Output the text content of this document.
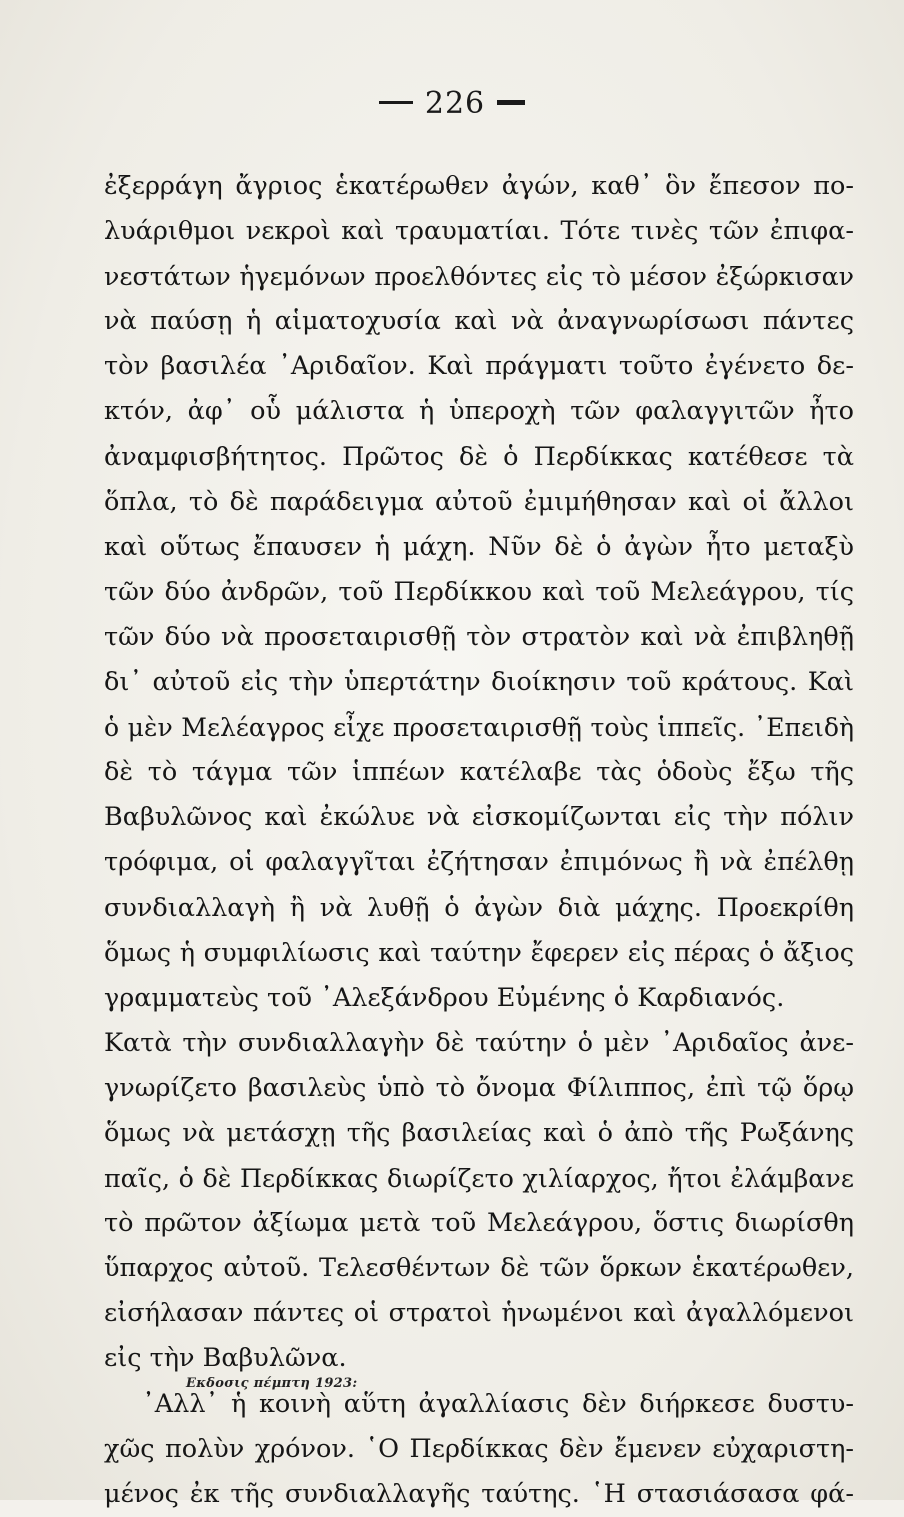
226
ἐξερράγη ἄγριος ἑκατέρωθεν ἀγών, καθ᾽ ὃν ἔπεσον πο-
λυάριθμοι νεκροὶ καὶ τραυματίαι. Τότε τινὲς τῶν ἐπιφα-
νεστάτων ἡγεμόνων προελθόντες εἰς τὸ μέσον ἐξώρκισαν
νὰ παύσῃ ἡ αἱματοχυσία καὶ νὰ ἀναγνωρίσωσι πάντες
τὸν βασιλέα ᾽Αριδαῖον. Καὶ πράγματι τοῦτο ἐγένετο δε-
κτόν, ἀφ᾽ οὗ μάλιστα ἡ ὑπεροχὴ τῶν φαλαγγιτῶν ἦτο
ἀναμφισβήτητος. Πρῶτος δὲ ὁ Περδίκκας κατέθεσε τὰ
ὅπλα, τὸ δὲ παράδειγμα αὐτοῦ ἐμιμήθησαν καὶ οἱ ἄλλοι
καὶ οὕτως ἔπαυσεν ἡ μάχη. Νῦν δὲ ὁ ἀγὼν ἦτο μεταξὺ
τῶν δύο ἀνδρῶν, τοῦ Περδίκκου καὶ τοῦ Μελεάγρου, τίς
τῶν δύο νὰ προσεταιρισθῇ τὸν στρατὸν καὶ νὰ ἐπιβληθῇ
δι᾽ αὐτοῦ εἰς τὴν ὑπερτάτην διοίκησιν τοῦ κράτους. Καὶ
ὁ μὲν Μελέαγρος εἶχε προσεταιρισθῇ τοὺς ἱππεῖς. ᾽Επειδὴ
δὲ τὸ τάγμα τῶν ἱππέων κατέλαβε τὰς ὁδοὺς ἔξω τῆς
Βαβυλῶνος καὶ ἐκώλυε νὰ εἰσκομίζωνται εἰς τὴν πόλιν
τρόφιμα, οἱ φαλαγγῖται ἐζήτησαν ἐπιμόνως ἢ νὰ ἐπέλθῃ
συνδιαλλαγὴ ἢ νὰ λυθῇ ὁ ἀγὼν διὰ μάχης. Προεκρίθη
ὅμως ἡ συμφιλίωσις καὶ ταύτην ἔφερεν εἰς πέρας ὁ ἄξιος
γραμματεὺς τοῦ ᾽Αλεξάνδρου Εὐμένης ὁ Καρδιανός.
Κατὰ τὴν συνδιαλλαγὴν δὲ ταύτην ὁ μὲν ᾽Αριδαῖος ἀνε-
γνωρίζετο βασιλεὺς ὑπὸ τὸ ὄνομα Φίλιππος, ἐπὶ τῷ ὅρῳ
ὅμως νὰ μετάσχῃ τῆς βασιλείας καὶ ὁ ἀπὸ τῆς Ρωξάνης
παῖς, ὁ δὲ Περδίκκας διωρίζετο χιλίαρχος, ἤτοι ἐλάμβανε
τὸ πρῶτον ἀξίωμα μετὰ τοῦ Μελεάγρου, ὅστις διωρίσθη
ὕπαρχος αὐτοῦ. Τελεσθέντων δὲ τῶν ὅρκων ἑκατέρωθεν,
εἰσήλασαν πάντες οἱ στρατοὶ ἡνωμένοι καὶ ἀγαλλόμενοι
εἰς τὴν Βαβυλῶνα.
᾽Αλλ᾽ ἡ κοινὴ αὕτη ἀγαλλίασις δὲν διήρκεσε δυστυ-
χῶς πολὺν χρόνον. ῾Ο Περδίκκας δὲν ἔμενεν εὐχαριστη-
μένος ἐκ τῆς συνδιαλλαγῆς ταύτης. ῾Η στασιάσασα φά-
Εκδοσις πέμπτη 1923:
